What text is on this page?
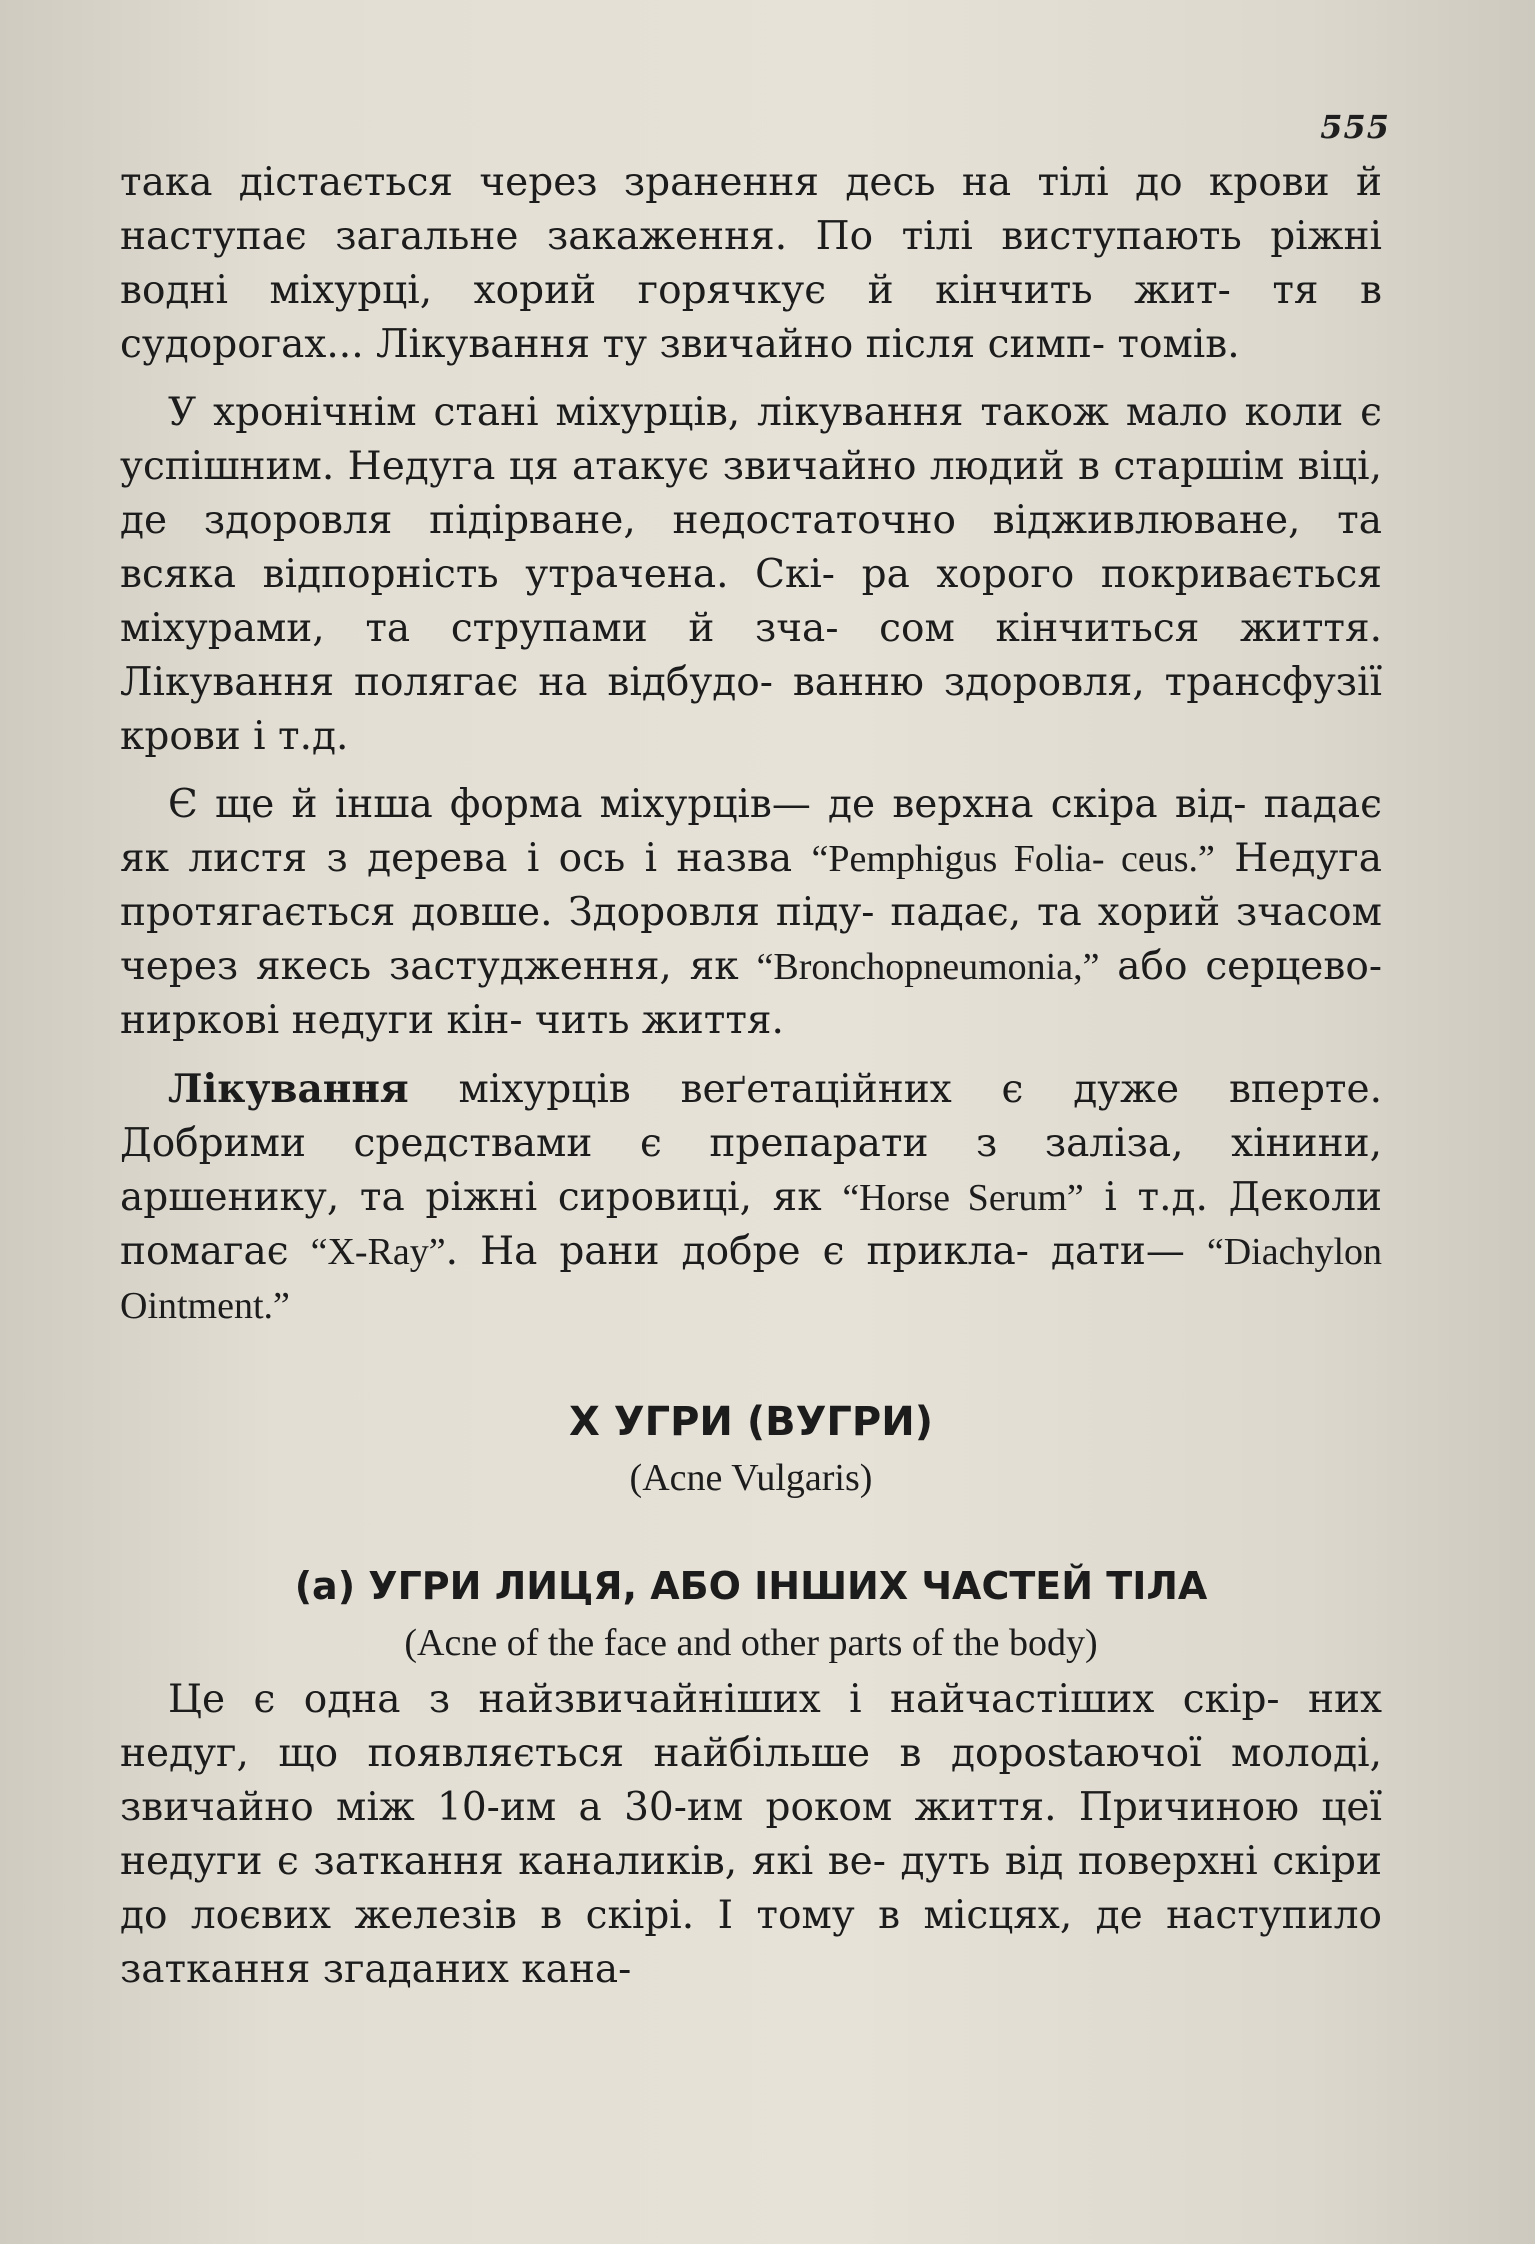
555

така дістається через зранення десь на тілі до крови й наступає загальне закаження. По тілі виступають ріжні водні міхурці, хорий горячкує й кінчить жит- тя в судорогах... Лікування ту звичайно після симп- томів.

У хронічнім стані міхурців, лікування також мало коли є успішним. Недуга ця атакує звичайно людий в старшім віці, де здоровля підірване, недостаточно відживлюване, та всяка відпорність утрачена. Скі- ра хорого покривається міхурами, та струпами й зча- сом кінчиться життя. Лікування полягає на відбудо- ванню здоровля, трансфузії крови і т.д.

Є ще й інша форма міхурців— де верхна скіра від- падає як листя з дерева і ось і назва “Pemphigus Folia- ceus.” Недуга протягається довше. Здоровля піду- падає, та хорий зчасом через якесь застудження, як “Bronchopneumonia,” або серцево-ниркові недуги кін- чить життя.

Лікування міхурців веґетаційних є дуже вперте. Добрими средствами є препарати з заліза, хінини, аршенику, та ріжні сировиці, як “Horse Serum” і т.д. Деколи помагає “X-Ray”. На рани добре є прикла- дати— “Diachylon Ointment.”

X УГРИ (ВУГРИ)
(Acne Vulgaris)
(а) УГРИ ЛИЦЯ, АБО ІНШИХ ЧАСТЕЙ ТІЛА
(Acne of the face and other parts of the body)

Це є одна з найзвичайніших і найчастіших скір- них недуг, що появляється найбільше в дорostaючої молоді, звичайно між 10-им а 30-им роком життя. Причиною цеї недуги є заткання каналиків, які ве- дуть від поверхні скіри до лоєвих железів в скірі. І тому в місцях, де наступило заткання згаданих кана-
